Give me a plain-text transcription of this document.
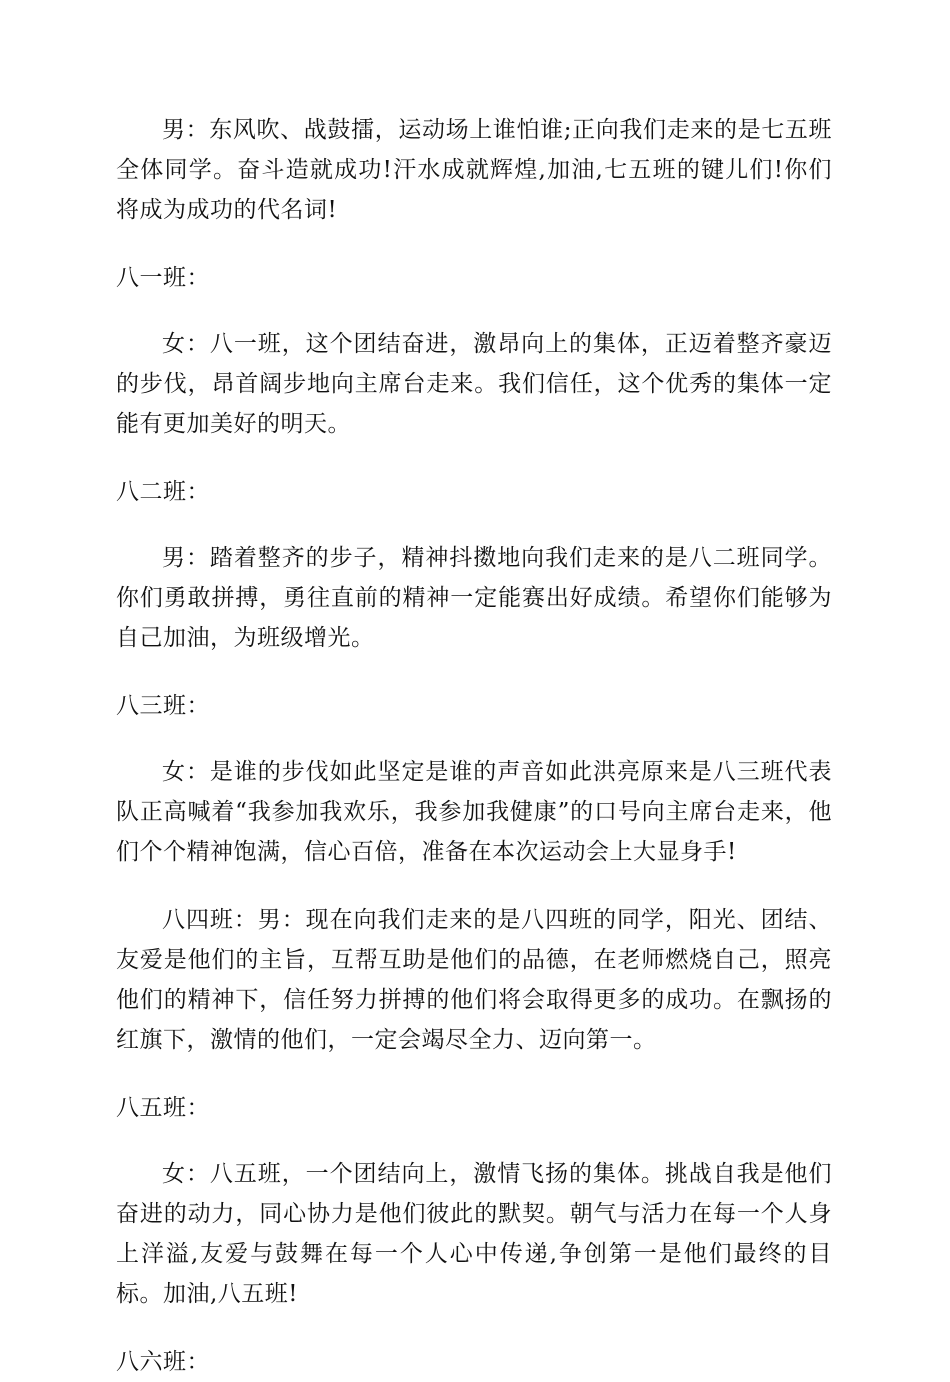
男：东风吹、战鼓擂，运动场上谁怕谁;正向我们走来的是七五班全体同学。奋斗造就成功!汗水成就辉煌,加油,七五班的键儿们!你们将成为成功的代名词!

八一班：

女：八一班，这个团结奋进，激昂向上的集体，正迈着整齐豪迈的步伐，昂首阔步地向主席台走来。我们信任，这个优秀的集体一定能有更加美好的明天。

八二班：

男：踏着整齐的步子，精神抖擞地向我们走来的是八二班同学。你们勇敢拼搏，勇往直前的精神一定能赛出好成绩。希望你们能够为自己加油，为班级增光。

八三班：

女：是谁的步伐如此坚定是谁的声音如此洪亮原来是八三班代表队正高喊着“我参加我欢乐，我参加我健康”的口号向主席台走来，他们个个精神饱满，信心百倍，准备在本次运动会上大显身手!

八四班：男：现在向我们走来的是八四班的同学，阳光、团结、友爱是他们的主旨，互帮互助是他们的品德，在老师燃烧自己，照亮他们的精神下，信任努力拼搏的他们将会取得更多的成功。在飘扬的红旗下，激情的他们，一定会竭尽全力、迈向第一。

八五班：

女：八五班，一个团结向上，激情飞扬的集体。挑战自我是他们奋进的动力，同心协力是他们彼此的默契。朝气与活力在每一个人身上洋溢,友爱与鼓舞在每一个人心中传递,争创第一是他们最终的目标。加油,八五班!

八六班：
